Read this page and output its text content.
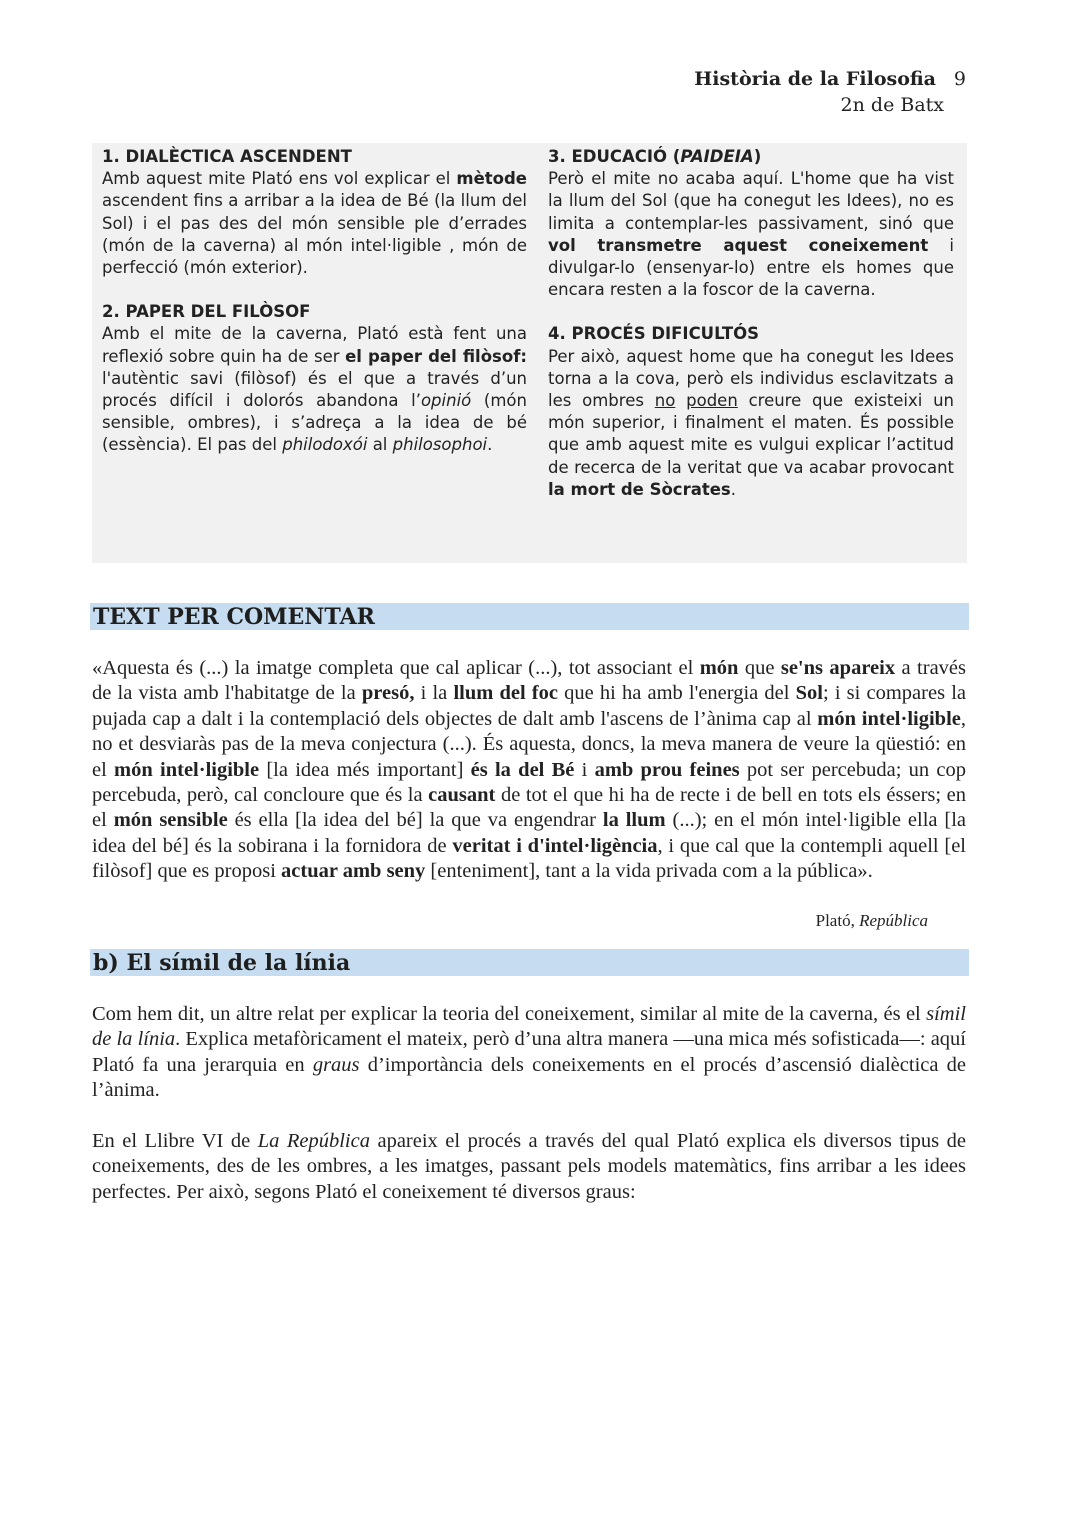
Història de la Filosofia 9
2n de Batx

1. DIALÈCTICA ASCENDENT

Amb aquest mite Plató ens vol explicar el mètode ascendent fins a arribar a la idea de Bé (la llum del Sol) i el pas des del món sensible ple d’errades (món de la caverna) al món intel·ligible , món de perfecció (món exterior).

2. PAPER DEL FILÒSOF

Amb el mite de la caverna, Plató està fent una reflexió sobre quin ha de ser el paper del filòsof: l'autèntic savi (filòsof) és el que a través d’un procés difícil i dolorós abandona l’opinió (món sensible, ombres), i s’adreça a la idea de bé (essència). El pas del philodoxói al philosophoi.

3. EDUCACIÓ (PAIDEIA)

Però el mite no acaba aquí. L'home que ha vist la llum del Sol (que ha conegut les Idees), no es limita a contemplar-les passivament, sinó que vol transmetre aquest coneixement i divulgar-lo (ensenyar-lo) entre els homes que encara resten a la foscor de la caverna.

4. PROCÉS DIFICULTÓS

Per això, aquest home que ha conegut les Idees torna a la cova, però els individus esclavitzats a les ombres no poden creure que existeixi un món superior, i finalment el maten. És possible que amb aquest mite es vulgui explicar l’actitud de recerca de la veritat que va acabar provocant la mort de Sòcrates.

TEXT PER COMENTAR
«Aquesta és (...) la imatge completa que cal aplicar (...), tot associant el món que se'ns apareix a través de la vista amb l'habitatge de la presó, i la llum del foc que hi ha amb l'energia del Sol; i si compares la pujada cap a dalt i la contemplació dels objectes de dalt amb l'ascens de l’ànima cap al món intel·ligible, no et desviaràs pas de la meva conjectura (...). És aquesta, doncs, la meva manera de veure la qüestió: en el món intel·ligible [la idea més important] és la del Bé i amb prou feines pot ser percebuda; un cop percebuda, però, cal concloure que és la causant de tot el que hi ha de recte i de bell en tots els éssers; en el món sensible és ella [la idea del bé] la que va engendrar la llum (...); en el món intel·ligible ella [la idea del bé] és la sobirana i la fornidora de veritat i d'intel·ligència, i que cal que la contempli aquell [el filòsof] que es proposi actuar amb seny [enteniment], tant a la vida privada com a la pública».
Plató, República
b) El símil de la línia

Com hem dit, un altre relat per explicar la teoria del coneixement, similar al mite de la caverna, és el símil de la línia. Explica metafòricament el mateix, però d’una altra manera —una mica més sofisticada—: aquí Plató fa una jerarquia en graus d’importància dels coneixements en el procés d’ascensió dialèctica de l’ànima.

En el Llibre VI de La República apareix el procés a través del qual Plató explica els diversos tipus de coneixements, des de les ombres, a les imatges, passant pels models matemàtics, fins arribar a les idees perfectes. Per això, segons Plató el coneixement té diversos graus:
